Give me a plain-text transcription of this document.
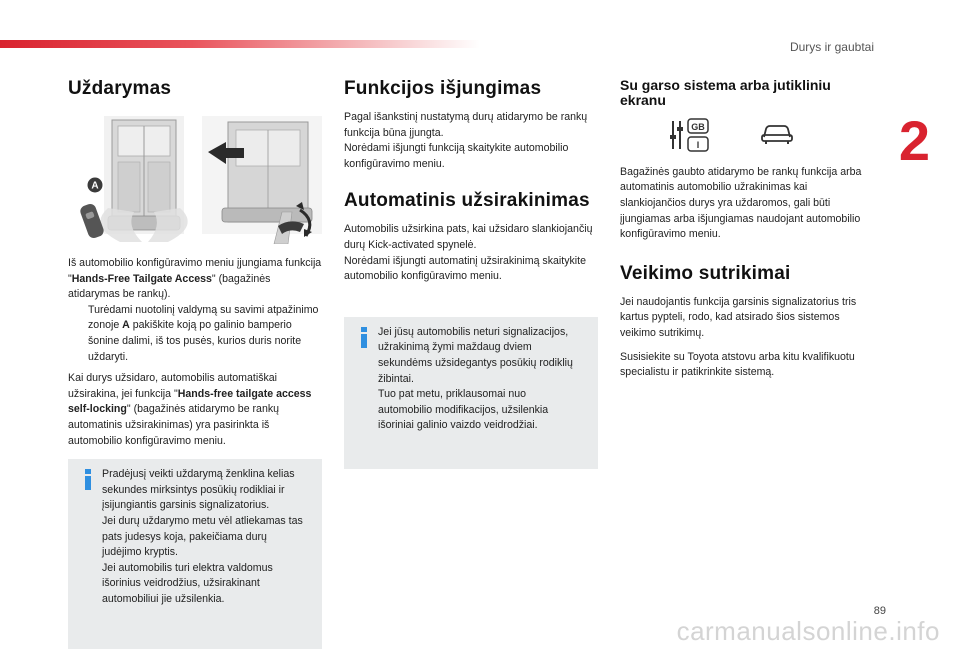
Durys ir gaubtai
2
Uždarymas
A

Iš automobilio konfigūravimo meniu įjungiama funkcija "Hands-Free Tailgate Access" (bagažinės atidarymas be rankų).

Turėdami nuotolinį valdymą su savimi atpažinimo zonoje A pakiškite koją po galinio bamperio šonine dalimi, iš tos pusės, kurios duris norite uždaryti.

Kai durys užsidaro, automobilis automatiškai užsirakina, jei funkcija "Hands-free tailgate access self-locking" (bagažinės atidarymo be rankų automatinis užsirakinimas) yra pasirinkta iš automobilio konfigūravimo meniu.

Pradėjusį veikti uždarymą ženklina kelias sekundes mirksintys posūkių rodikliai ir įsijungiantis garsinis signalizatorius.
Jei durų uždarymo metu vėl atliekamas tas pats judesys koja, pakeičiama durų judėjimo kryptis.
Jei automobilis turi elektra valdomus išorinius veidrodžius, užsirakinant automobiliui jie užsilenkia.
Funkcijos išjungimas

Pagal išankstinį nustatymą durų atidarymo be rankų funkcija būna įjungta.
Norėdami išjungti funkciją skaitykite automobilio konfigūravimo meniu.

Automatinis užsirakinimas

Automobilis užsirkina pats, kai užsidaro slankiojančių durų Kick-activated spynelė.
Norėdami išjungti automatinį užsirakinimą skaitykite automobilio konfigūravimo meniu.

Jei jūsų automobilis neturi signalizacijos, užrakinimą žymi maždaug dviem sekundėms užsidegantys posūkių rodiklių žibintai.
Tuo pat metu, priklausomai nuo automobilio modifikacijos, užsilenkia išoriniai galinio vaizdo veidrodžiai.
Su garso sistema arba jutikliniu ekranu
GB
I

Bagažinės gaubto atidarymo be rankų funkcija arba automatinis automobilio užrakinimas kai slankiojančios durys yra uždaromos, gali būti įjungiamas arba išjungiamas naudojant automobilio konfigūravimo meniu.

Veikimo sutrikimai

Jei naudojantis funkcija garsinis signalizatorius tris kartus pypteli, rodo, kad atsirado šios sistemos veikimo sutrikimų.

Susisiekite su Toyota atstovu arba kitu kvalifikuotu specialistu ir patikrinkite sistemą.

89
carmanualsonline.info
